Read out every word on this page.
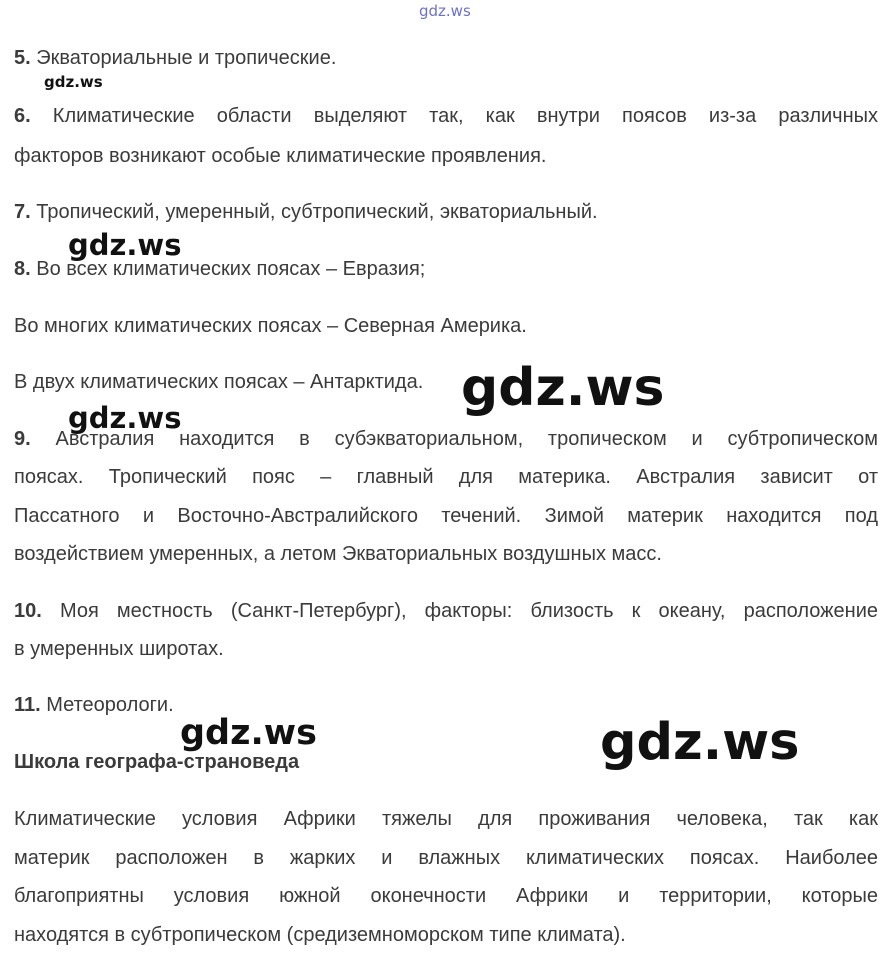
5. Экваториальные и тропические.
6. Климатические области выделяют так, как внутри поясов из-за различных
факторов возникают особые климатические проявления.
7. Тропический, умеренный, субтропический, экваториальный.
8. Во всех климатических поясах – Евразия;
Во многих климатических поясах – Северная Америка.
В двух климатических поясах – Антарктида.
9. Австралия находится в субэкваториальном, тропическом и субтропическом
поясах. Тропический пояс – главный для материка. Австралия зависит от
Пассатного и Восточно-Австралийского течений. Зимой материк находится под
воздействием умеренных, а летом Экваториальных воздушных масс.
10. Моя местность (Санкт-Петербург), факторы: близость к океану, расположение
в умеренных широтах.
11. Метеорологи.
Школа географа-страноведа
Климатические условия Африки тяжелы для проживания человека, так как
материк расположен в жарких и влажных климатических поясах. Наиболее
благоприятны условия южной оконечности Африки и территории, которые
находятся в субтропическом (средиземноморском типе климата).
gdz.ws
gdz.ws
gdz.ws
gdz.ws
gdz.ws
gdz.ws	gdz.ws
